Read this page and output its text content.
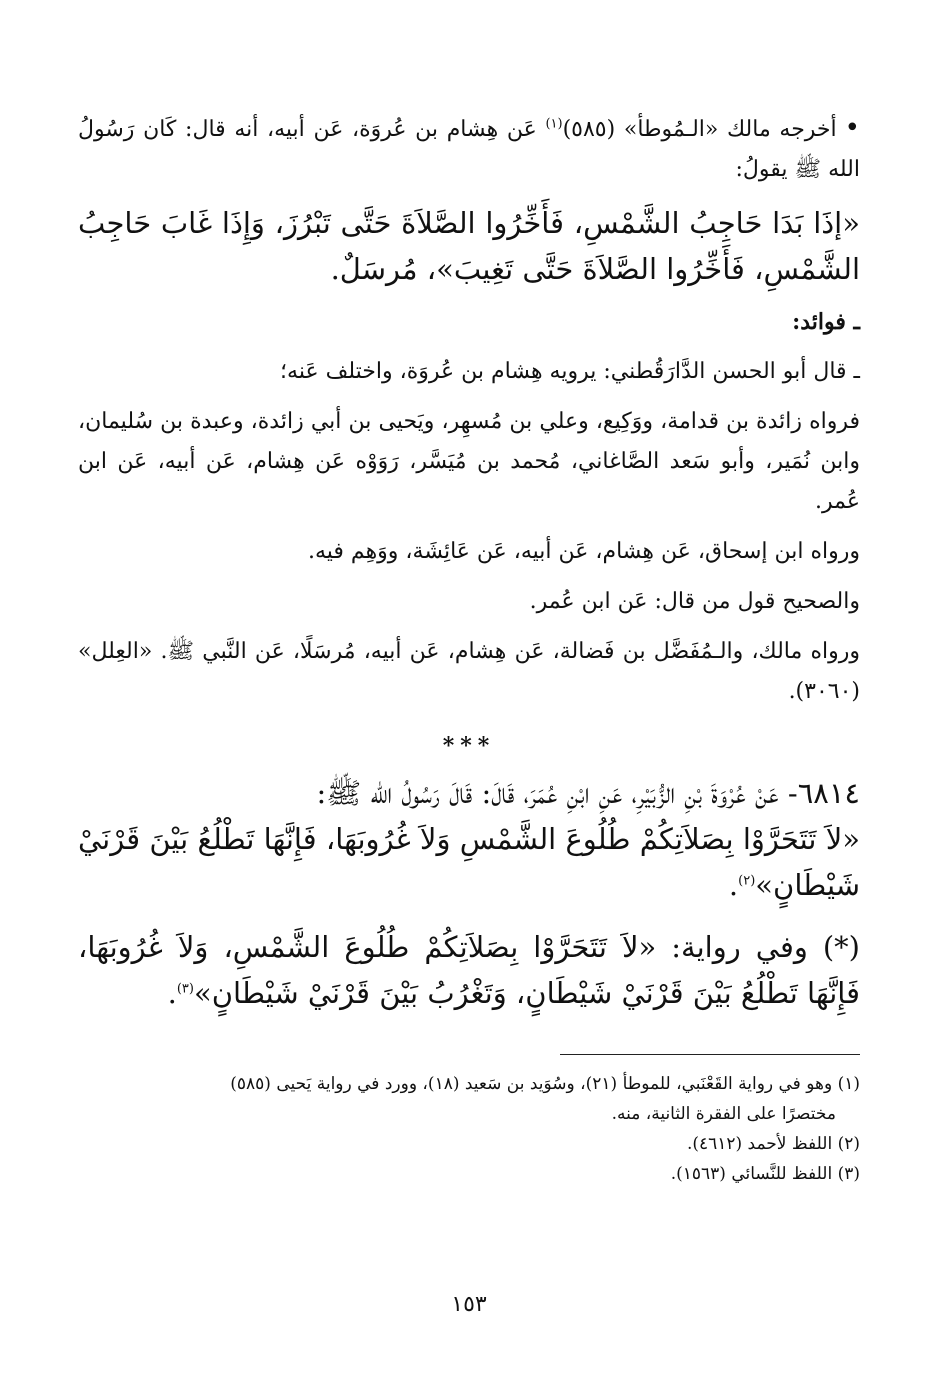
•أخرجه مالك «الـمُوطأ» (٥٨٥)$^{(١)}$ عَن هِشام بن عُروَة، عَن أبيه، أنه قال: كَان رَسُولُ الله ﷺ يقولُ:

«إذَا بَدَا حَاجِبُ الشَّمْسِ، فَأَخِّرُوا الصَّلاَةَ حَتَّى تَبْرُزَ، وَإِذَا غَابَ حَاجِبُ الشَّمْسِ، فَأَخِّرُوا الصَّلاَةَ حَتَّى تَغِيبَ»، مُرسَلٌ.

ـ فوائد:

ـ قال أبو الحسن الدَّارَقُطني: يرويه هِشام بن عُروَة، واختلف عَنه؛

فرواه زائدة بن قدامة، ووَكِيع، وعلي بن مُسهِر، ويَحيى بن أبي زائدة، وعبدة بن سُليمان، وابن نُمَير، وأبو سَعد الصَّاغاني، مُحمد بن مُيَسَّر، رَوَوْه عَن هِشام، عَن أبيه، عَن ابن عُمر.

ورواه ابن إسحاق، عَن هِشام، عَن أبيه، عَن عَائِشَة، ووَهِم فيه.

والصحيح قول من قال: عَن ابن عُمر.

ورواه مالك، والـمُفَضَّل بن فَضالة، عَن هِشام، عَن أبيه، مُرسَلًا، عَن النَّبي ﷺ. «العِلل» (٣٠٦٠).

***

٦٨١٤- عَنْ عُرْوَةَ بْنِ الزُّبَيْرِ، عَنِ ابْنِ عُمَرَ، قَالَ: قَالَ رَسُولُ الله ﷺ:

«لاَ تَتَحَرَّوْا بِصَلاَتِكُمْ طُلُوعَ الشَّمْسِ وَلاَ غُرُوبَهَا، فَإِنَّهَا تَطْلُعُ بَيْنَ قَرْنَيْ شَيْطَانٍ»$^{(٢)}$.

(*) وفي رواية: «لاَ تَتَحَرَّوْا بِصَلاَتِكُمْ طُلُوعَ الشَّمْسِ، وَلاَ غُرُوبَهَا، فَإِنَّهَا تَطْلُعُ بَيْنَ قَرْنَيْ شَيْطَانٍ، وَتَغْرُبُ بَيْنَ قَرْنَيْ شَيْطَانٍ»$^{(٣)}$.

(١) وهو في رواية القَعْنَبي، للموطأ (٢١)، وسُوَيد بن سَعيد (١٨)، وورد في رواية يَحيى (٥٨٥)

مختصرًا على الفقرة الثانية، منه.

(٢) اللفظ لأحمد (٤٦١٢).

(٣) اللفظ للنَّسائي (١٥٦٣).

١٥٣
